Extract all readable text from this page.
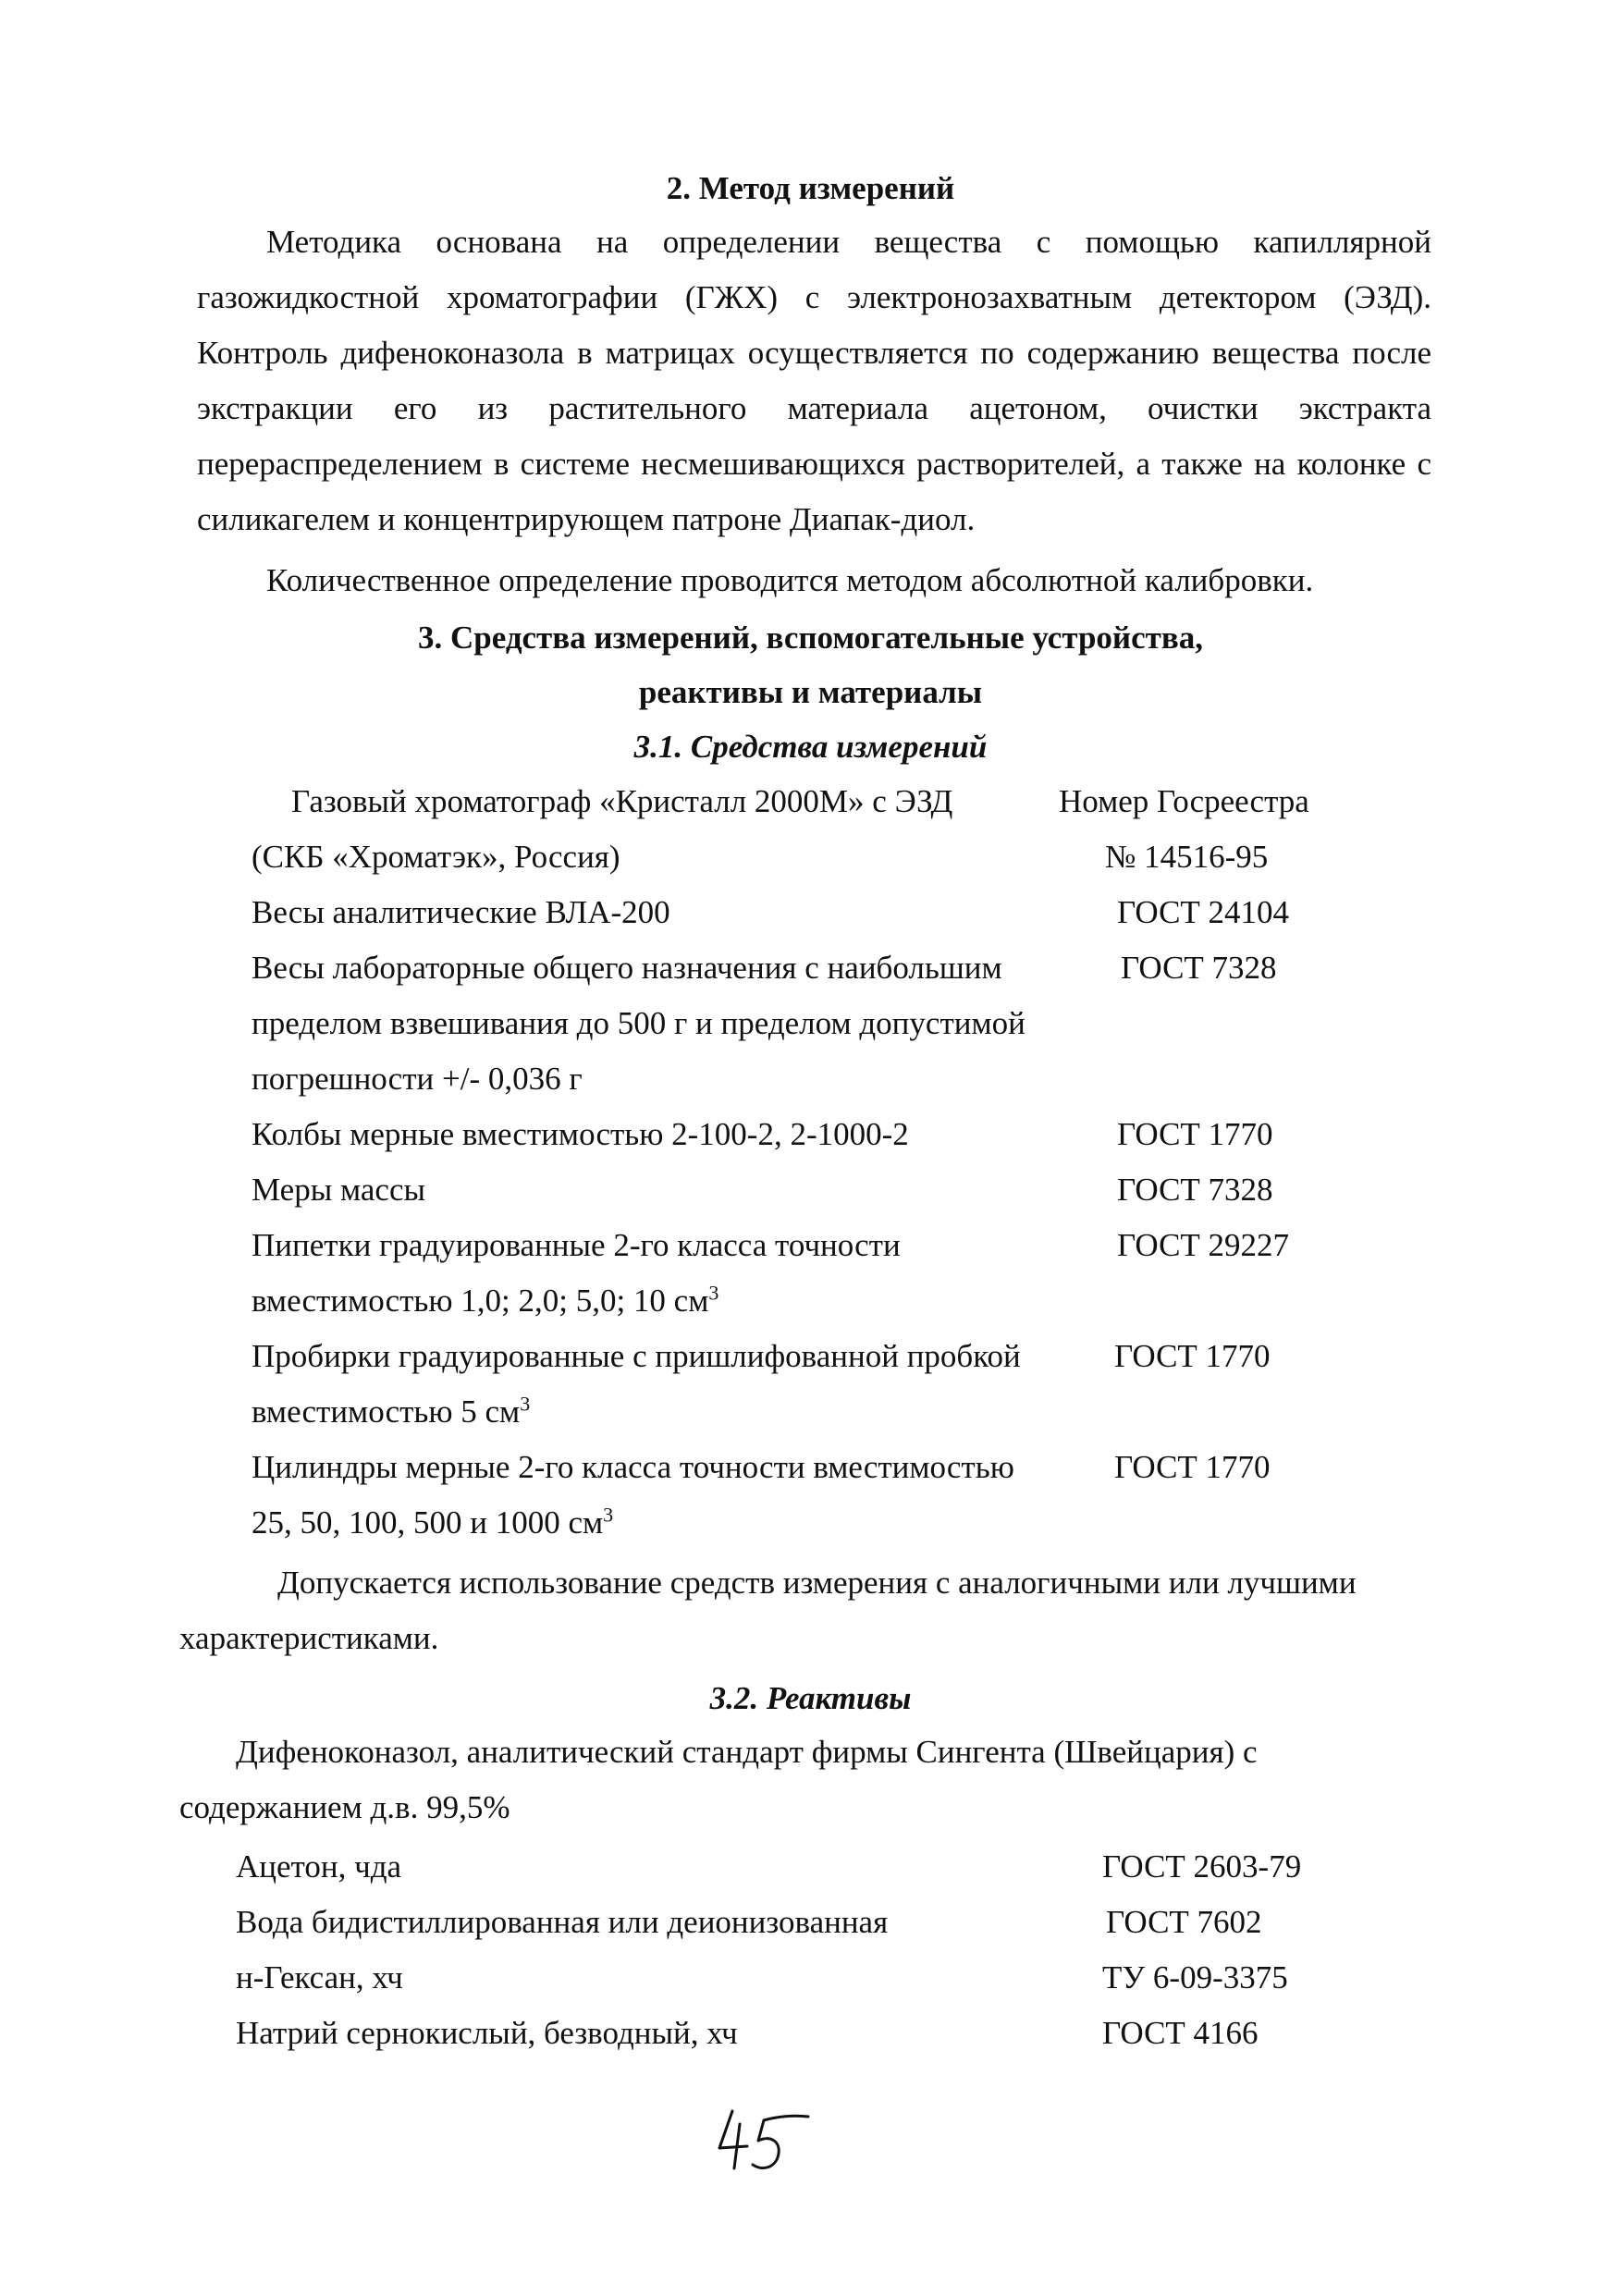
2. Метод измерений
Методика основана на определении вещества с помощью капиллярной
газожидкостной хроматографии (ГЖХ) с электронозахватным детектором (ЭЗД).
Контроль дифеноконазола в матрицах осуществляется по содержанию вещества после
экстракции его из растительного материала ацетоном, очистки экстракта
перераспределением в системе несмешивающихся растворителей, а также на колонке с
силикагелем и концентрирующем патроне Диапак-диол.
Количественное определение проводится методом абсолютной калибровки.
3. Средства измерений, вспомогательные устройства,
реактивы и материалы
3.1. Средства измерений
Газовый хроматограф «Кристалл 2000М» с ЭЗД	Номер Госреестра
(СКБ «Хроматэк», Россия)	№ 14516-95
Весы аналитические ВЛА-200	ГОСТ 24104
Весы лабораторные общего назначения с наибольшим	ГОСТ 7328
пределом взвешивания до 500 г и пределом допустимой
погрешности +/- 0,036 г
Колбы мерные вместимостью 2-100-2, 2-1000-2	ГОСТ 1770
Меры массы	ГОСТ 7328
Пипетки градуированные 2-го класса точности	ГОСТ 29227
вместимостью 1,0; 2,0; 5,0; 10 $см^3$
Пробирки градуированные с пришлифованной пробкой	ГОСТ 1770
вместимостью 5 $см^3$
Цилиндры мерные 2-го класса точности вместимостью	ГОСТ 1770
25, 50, 100, 500 и 1000 $см^3$
Допускается использование средств измерения с аналогичными или лучшими
характеристиками.
3.2. Реактивы
Дифеноконазол, аналитический стандарт фирмы Сингента (Швейцария) с
содержанием д.в. 99,5%
Ацетон, чда	ГОСТ 2603-79
Вода бидистиллированная или деионизованная	ГОСТ 7602
н-Гексан, хч	ТУ 6-09-3375
Натрий сернокислый, безводный, хч	ГОСТ 4166
